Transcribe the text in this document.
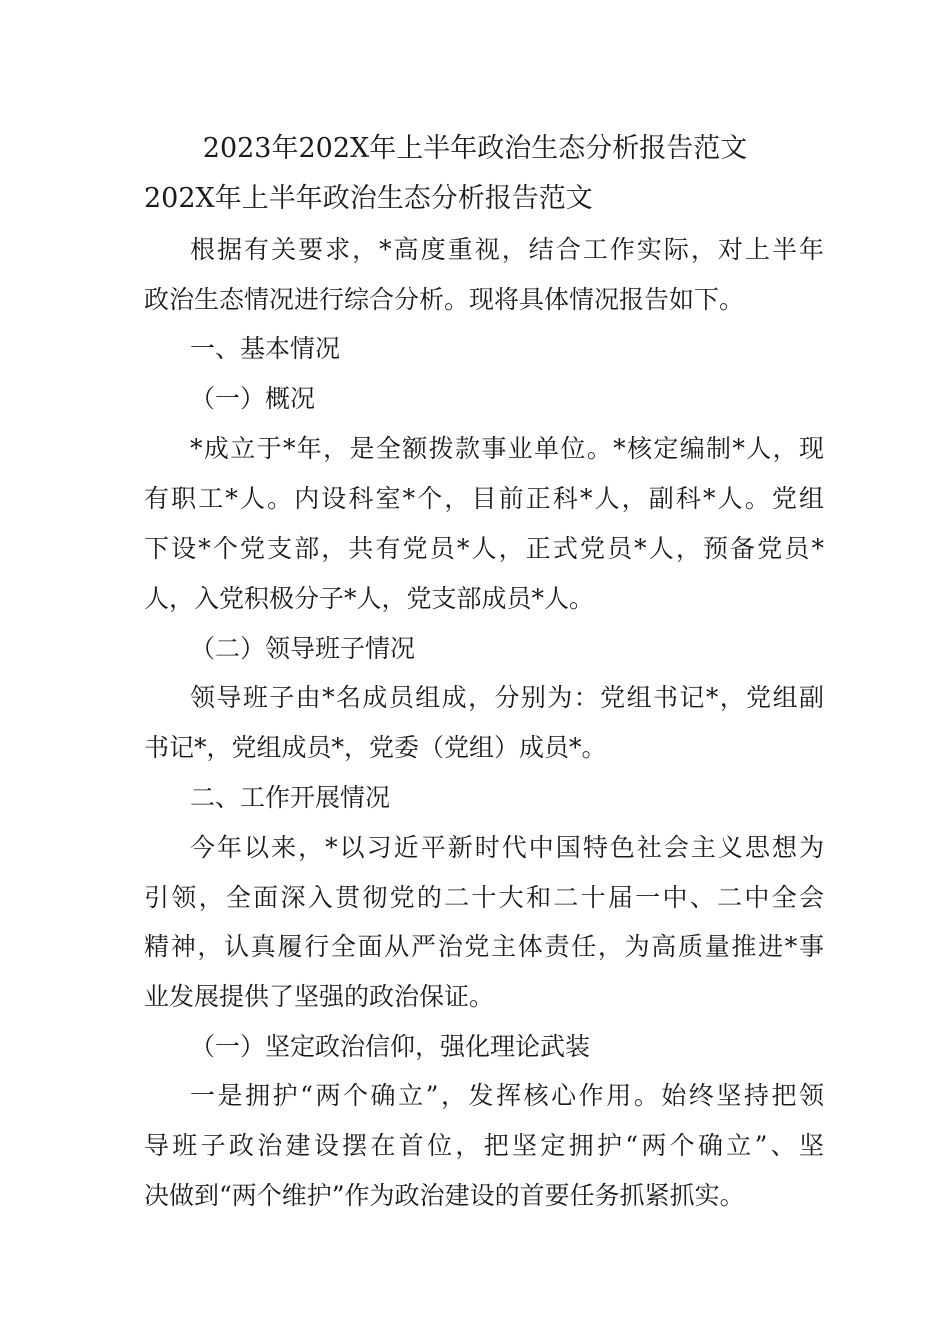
2023年202X年上半年政治生态分析报告范文
202X年上半年政治生态分析报告范文
根据有关要求，*高度重视，结合工作实际，对上半年
政治生态情况进行综合分析。现将具体情况报告如下。
一、基本情况
（一）概况
*成立于*年，是全额拨款事业单位。*核定编制*人，现
有职工*人。内设科室*个，目前正科*人，副科*人。党组
下设*个党支部，共有党员*人，正式党员*人，预备党员*
人，入党积极分子*人，党支部成员*人。
（二）领导班子情况
领导班子由*名成员组成，分别为：党组书记*，党组副
书记*，党组成员*，党委（党组）成员*。
二、工作开展情况
今年以来，*以习近平新时代中国特色社会主义思想为
引领，全面深入贯彻党的二十大和二十届一中、二中全会
精神，认真履行全面从严治党主体责任，为高质量推进*事
业发展提供了坚强的政治保证。
（一）坚定政治信仰，强化理论武装
一是拥护“两个确立”，发挥核心作用。始终坚持把领
导班子政治建设摆在首位，把坚定拥护“两个确立”、坚
决做到“两个维护”作为政治建设的首要任务抓紧抓实。
